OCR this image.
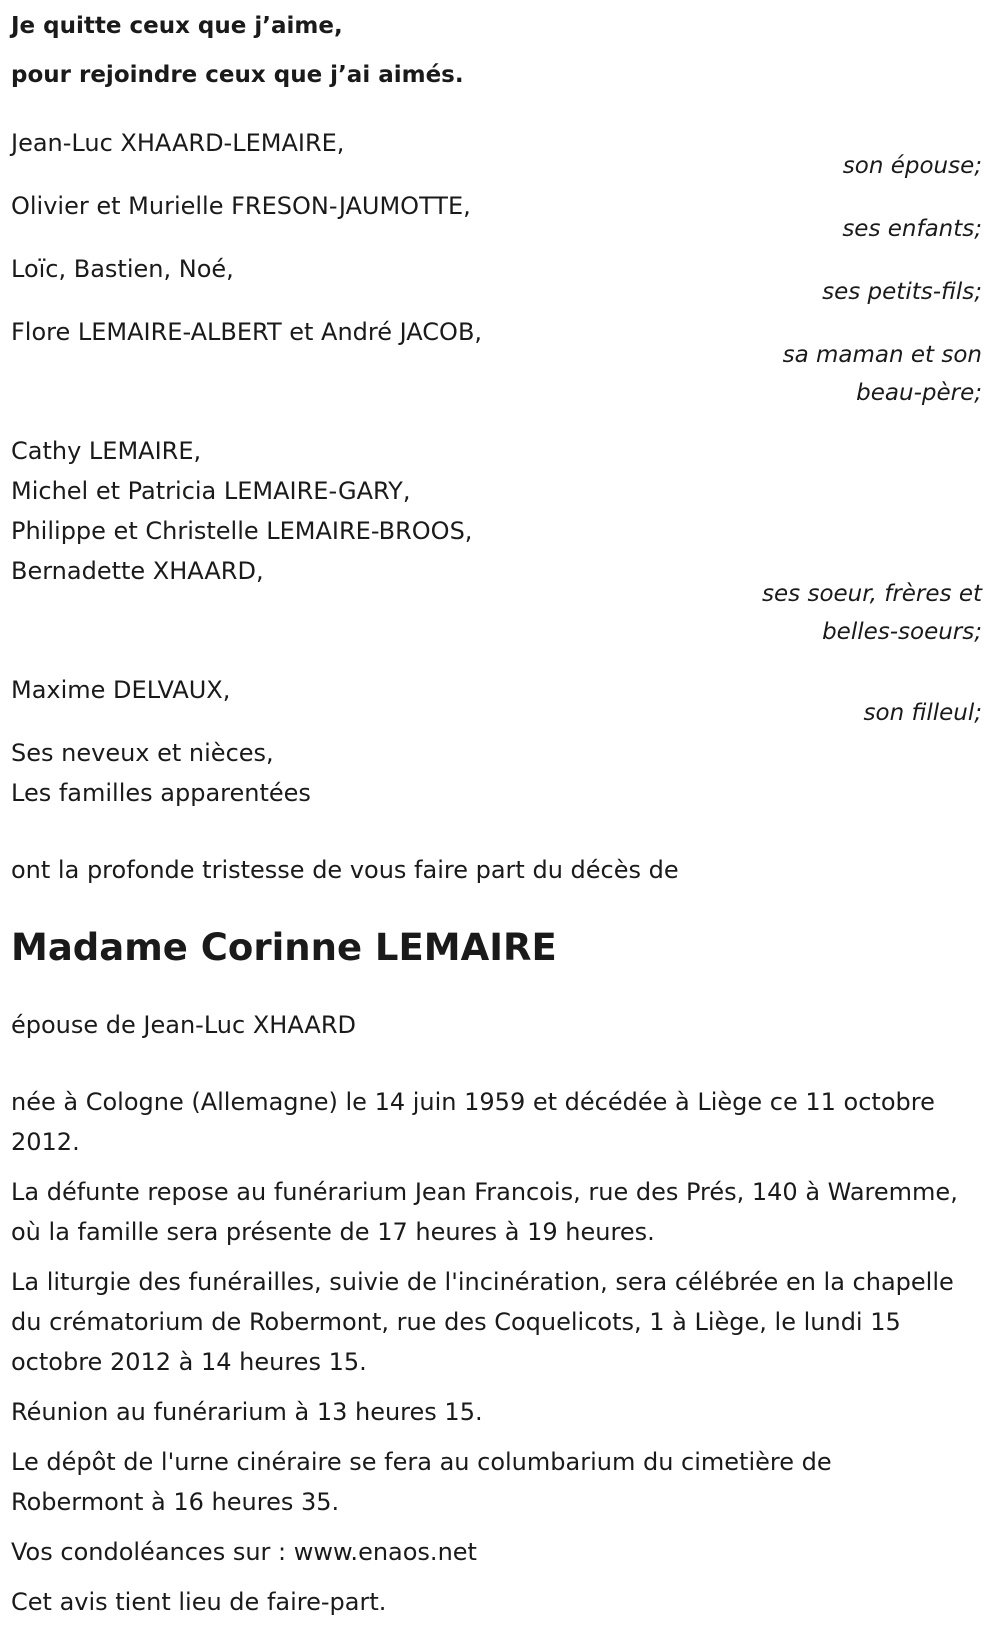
Je quitte ceux que j’aime,
pour rejoindre ceux que j’ai aimés.
Jean-Luc XHAARD-LEMAIRE,
son épouse;
Olivier et Murielle FRESON-JAUMOTTE,
ses enfants;
Loïc, Bastien, Noé,
ses petits-fils;
Flore LEMAIRE-ALBERT et André JACOB,
sa maman et son
beau-père;
Cathy LEMAIRE,
Michel et Patricia LEMAIRE-GARY,
Philippe et Christelle LEMAIRE-BROOS,
Bernadette XHAARD,
ses soeur, frères et
belles-soeurs;
Maxime DELVAUX,
son filleul;
Ses neveux et nièces,
Les familles apparentées
ont la profonde tristesse de vous faire part du décès de
Madame Corinne LEMAIRE
épouse de Jean-Luc XHAARD
née à Cologne (Allemagne) le 14 juin 1959 et décédée à Liège ce 11 octobre 2012.
La défunte repose au funérarium Jean Francois, rue des Prés, 140 à Waremme, où la famille sera présente de 17 heures à 19 heures.
La liturgie des funérailles, suivie de l'incinération, sera célébrée en la chapelle du crématorium de Robermont, rue des Coquelicots, 1 à Liège, le lundi 15 octobre 2012 à 14 heures 15.
Réunion au funérarium à 13 heures 15.
Le dépôt de l'urne cinéraire se fera au columbarium du cimetière de Robermont à 16 heures 35.
Vos condoléances sur : www.enaos.net
Cet avis tient lieu de faire-part.
